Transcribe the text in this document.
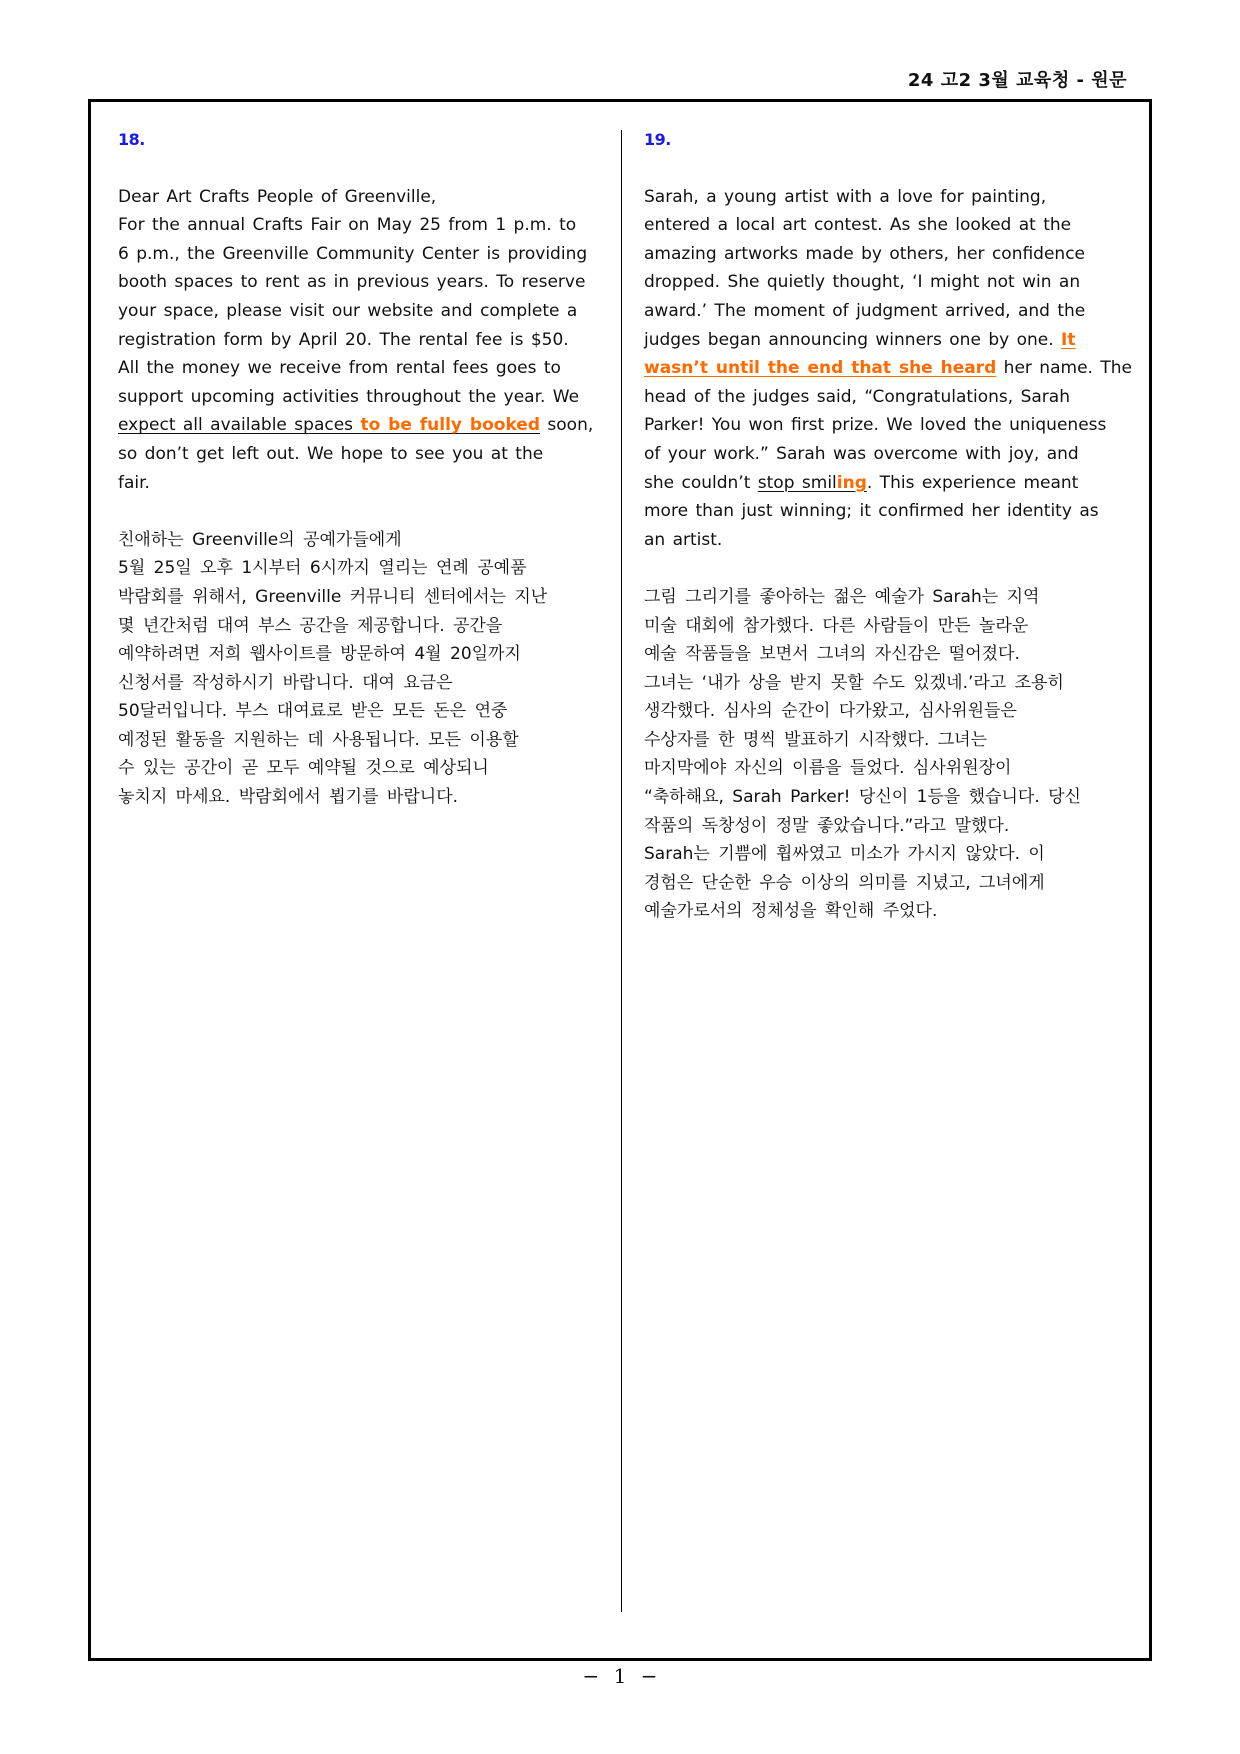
24 고2 3월 교육청 - 원문
18.
Dear Art Crafts People of Greenville,
For the annual Crafts Fair on May 25 from 1 p.m. to
6 p.m., the Greenville Community Center is providing
booth spaces to rent as in previous years. To reserve
your space, please visit our website and complete a
registration form by April 20. The rental fee is $50.
All the money we receive from rental fees goes to
support upcoming activities throughout the year. We
expect all available spaces to be fully booked soon,
so don’t get left out. We hope to see you at the
fair.
친애하는 Greenville의 공예가들에게
5월 25일 오후 1시부터 6시까지 열리는 연례 공예품
박람회를 위해서, Greenville 커뮤니티 센터에서는 지난
몇 년간처럼 대여 부스 공간을 제공합니다. 공간을
예약하려면 저희 웹사이트를 방문하여 4월 20일까지
신청서를 작성하시기 바랍니다. 대여 요금은
50달러입니다. 부스 대여료로 받은 모든 돈은 연중
예정된 활동을 지원하는 데 사용됩니다. 모든 이용할
수 있는 공간이 곧 모두 예약될 것으로 예상되니
놓치지 마세요. 박람회에서 뵙기를 바랍니다.
19.
Sarah, a young artist with a love for painting,
entered a local art contest. As she looked at the
amazing artworks made by others, her confidence
dropped. She quietly thought, ‘I might not win an
award.’ The moment of judgment arrived, and the
judges began announcing winners one by one. It
wasn’t until the end that she heard her name. The
head of the judges said, “Congratulations, Sarah
Parker! You won first prize. We loved the uniqueness
of your work.” Sarah was overcome with joy, and
she couldn’t stop smiling. This experience meant
more than just winning; it confirmed her identity as
an artist.
그림 그리기를 좋아하는 젊은 예술가 Sarah는 지역
미술 대회에 참가했다. 다른 사람들이 만든 놀라운
예술 작품들을 보면서 그녀의 자신감은 떨어졌다.
그녀는 ‘내가 상을 받지 못할 수도 있겠네.’라고 조용히
생각했다. 심사의 순간이 다가왔고, 심사위원들은
수상자를 한 명씩 발표하기 시작했다. 그녀는
마지막에야 자신의 이름을 들었다. 심사위원장이
“축하해요, Sarah Parker! 당신이 1등을 했습니다. 당신
작품의 독창성이 정말 좋았습니다.”라고 말했다.
Sarah는 기쁨에 휩싸였고 미소가 가시지 않았다. 이
경험은 단순한 우승 이상의 의미를 지녔고, 그녀에게
예술가로서의 정체성을 확인해 주었다.
− 1 −
